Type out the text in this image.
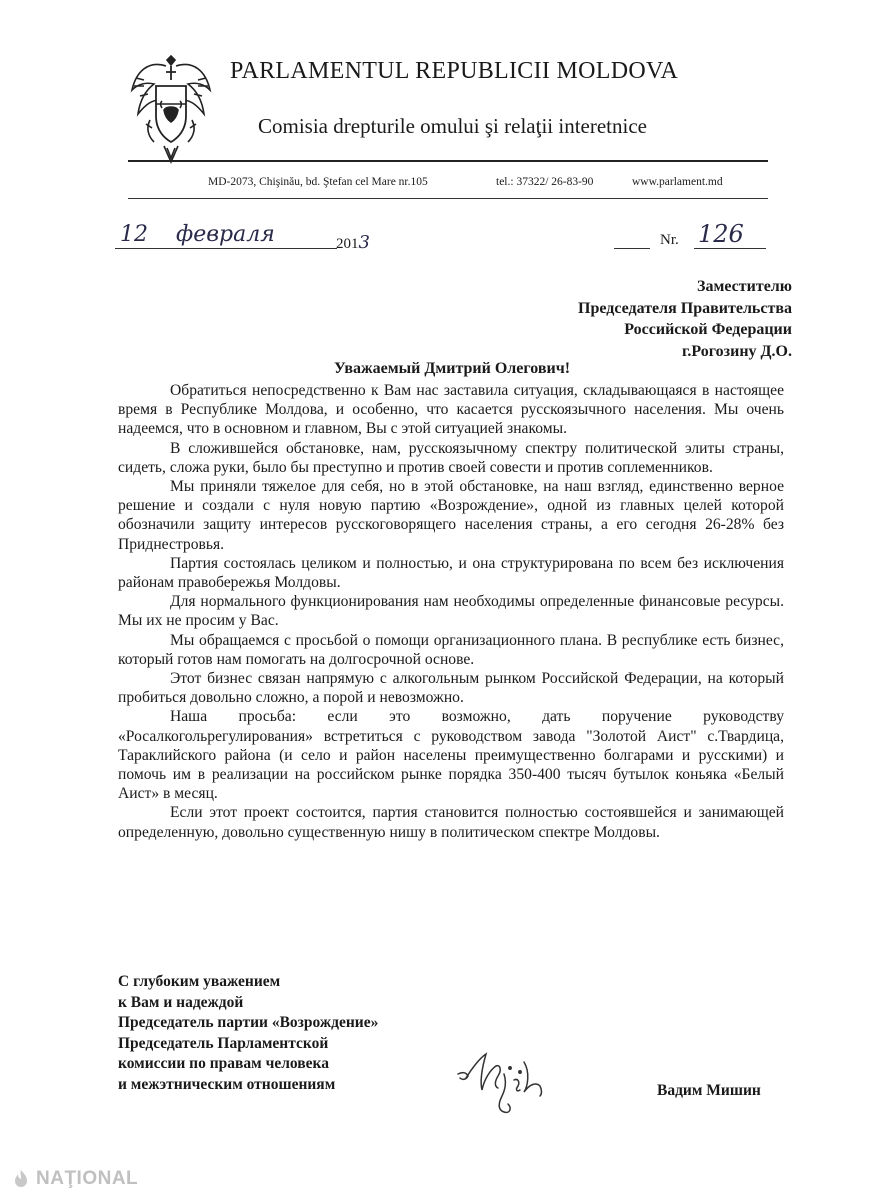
PARLAMENTUL REPUBLICII MOLDOVA
Comisia drepturile omului şi relaţii interetnice
MD-2073, Chişinău, bd. Ştefan cel Mare nr.105	tel.: 37322/ 26-83-90	www.parlament.md
12 февраля	2013	Nr. 126
Заместителю
Председателя Правительства
Российской Федерации
г.Рогозину Д.О.
Уважаемый Дмитрий Олегович!

Обратиться непосредственно к Вам нас заставила ситуация, складывающаяся в настоящее время в Республике Молдова, и особенно, что касается русскоязычного населения. Мы очень надеемся, что в основном и главном, Вы с этой ситуацией знакомы.

В сложившейся обстановке, нам, русскоязычному спектру политической элиты страны, сидеть, сложа руки, было бы преступно и против своей совести и против соплеменников.

Мы приняли тяжелое для себя, но в этой обстановке, на наш взгляд, единственно верное решение и создали с нуля новую партию «Возрождение», одной из главных целей которой обозначили защиту интересов русскоговорящего населения страны, а его сегодня 26-28% без Приднестровья.

Партия состоялась целиком и полностью, и она структурирована по всем без исключения районам правобережья Молдовы.

Для нормального функционирования нам необходимы определенные финансовые ресурсы. Мы их не просим у Вас.

Мы обращаемся с просьбой о помощи организационного плана. В республике есть бизнес, который готов нам помогать на долгосрочной основе.

Этот бизнес связан напрямую с алкогольным рынком Российской Федерации, на который пробиться довольно сложно, а порой и невозможно.

Наша просьба: если это возможно, дать поручение руководству «Росалкогольрегулирования» встретиться с руководством завода "Золотой Аист" с.Твардица, Тараклийского района (и село и район населены преимущественно болгарами и русскими) и помочь им в реализации на российском рынке порядка 350-400 тысяч бутылок коньяка «Белый Аист» в месяц.

Если этот проект состоится, партия становится полностью состоявшейся и занимающей определенную, довольно существенную нишу в политическом спектре Молдовы.

С глубоким уважением
к Вам и надеждой
Председатель партии «Возрождение»
Председатель Парламентской
комиссии по правам человека
и межэтническим отношениям	Вадим Мишин
NAŢIONAL
